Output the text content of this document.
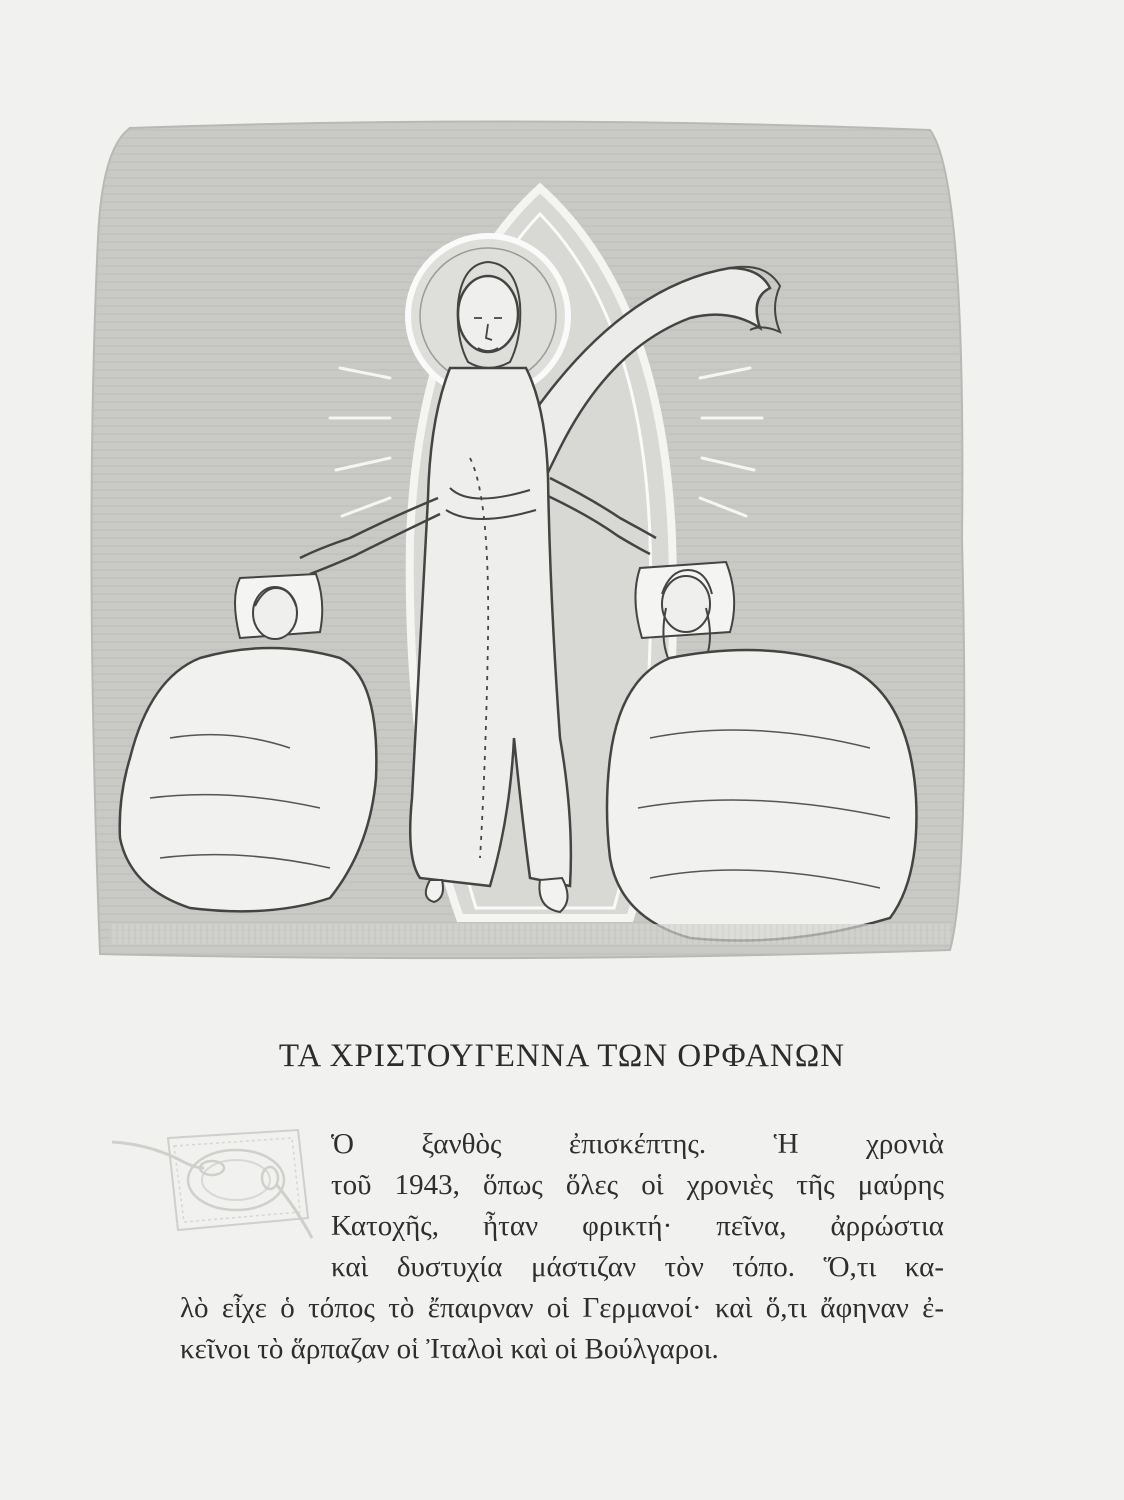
ΤΑ ΧΡΙΣΤΟΥΓΕΝΝΑ ΤΩΝ ΟΡΦΑΝΩΝ
Ὁ ξανθὸς ἐπισκέπτης. Ἡ χρονιὰ
τοῦ 1943, ὅπως ὅλες οἱ χρονιὲς τῆς μαύρης
Κατοχῆς, ἦταν φρικτή· πεῖνα, ἀρρώστια
καὶ δυστυχία μάστιζαν τὸν τόπο. Ὅ,τι κα-
λὸ εἶχε ὁ τόπος τὸ ἔπαιρναν οἱ Γερμανοί· καὶ ὅ,τι ἄφηναν ἐ-
κεῖνοι τὸ ἅρπαζαν οἱ Ἰταλοὶ καὶ οἱ Βούλγαροι.
